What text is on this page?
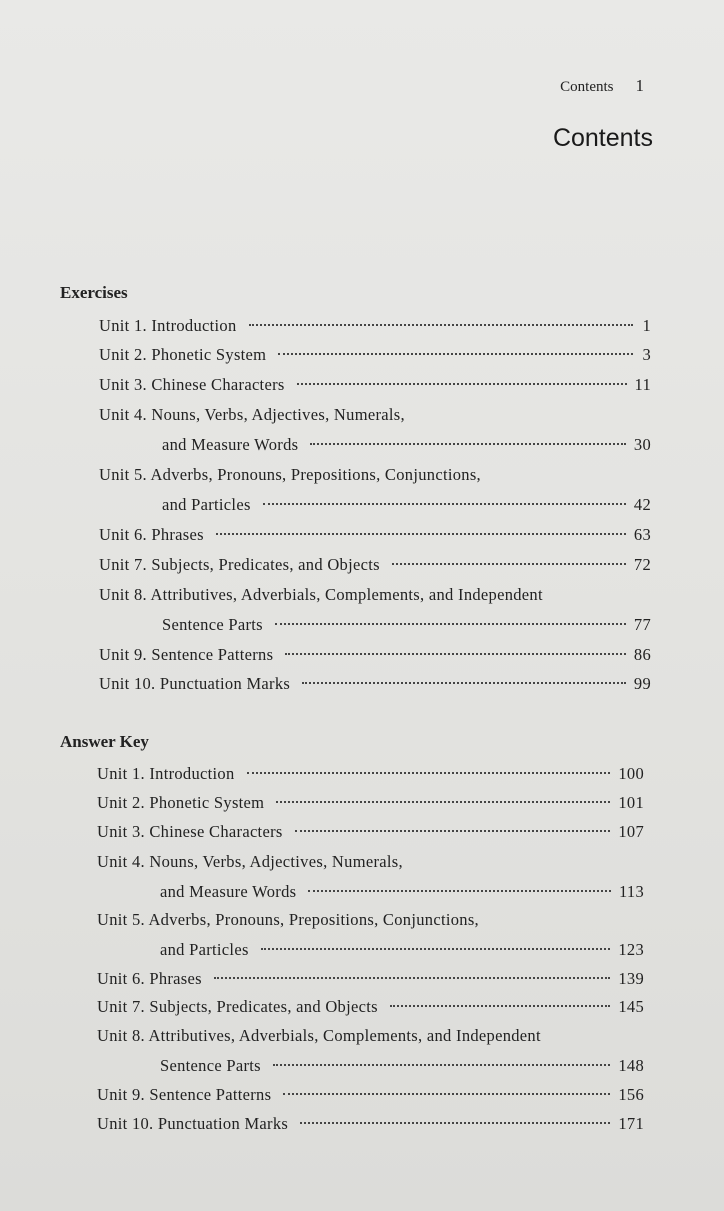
Contents 1
Contents
Exercises
Answer Key
Unit 1. Introduction	1
Unit 2. Phonetic System	3
Unit 3. Chinese Characters	11
Unit 4. Nouns, Verbs, Adjectives, Numerals,
and Measure Words	30
Unit 5. Adverbs, Pronouns, Prepositions, Conjunctions,
and Particles	42
Unit 6. Phrases	63
Unit 7. Subjects, Predicates, and Objects	72
Unit 8. Attributives, Adverbials, Complements, and Independent
Sentence Parts	77
Unit 9. Sentence Patterns	86
Unit 10. Punctuation Marks	99
Unit 1. Introduction	100
Unit 2. Phonetic System	101
Unit 3. Chinese Characters	107
Unit 4. Nouns, Verbs, Adjectives, Numerals,
and Measure Words	113
Unit 5. Adverbs, Pronouns, Prepositions, Conjunctions,
and Particles	123
Unit 6. Phrases	139
Unit 7. Subjects, Predicates, and Objects	145
Unit 8. Attributives, Adverbials, Complements, and Independent
Sentence Parts	148
Unit 9. Sentence Patterns	156
Unit 10. Punctuation Marks	171
